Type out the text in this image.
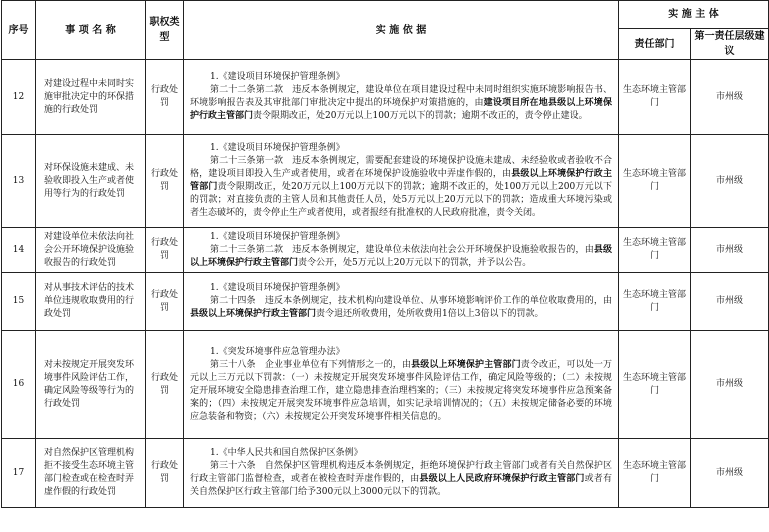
序号	事 项 名 称	职权类型	实 施 依 据	实 施 主 体	
				责任部门	第一责任层级建议
12	对建设过程中未同时实施审批决定中的环保措施的行政处罚	行政处罚	1.《建设项目环境保护管理条例》
第二十二条第二款　违反本条例规定，建设单位在项目建设过程中未同时组织实施环境影响报告书、环境影响报告表及其审批部门审批决定中提出的环境保护对策措施的，由建设项目所在地县级以上环境保护行政主管部门责令限期改正，处20万元以上100万元以下的罚款；逾期不改正的，责令停止建设。	生态环境主管部门	市州级
13	对环保设施未建成、未验收即投入生产或者使用等行为的行政处罚	行政处罚	1.《建设项目环境保护管理条例》
第二十三条第一款　违反本条例规定，需要配套建设的环境保护设施未建成、未经验收或者验收不合格，建设项目即投入生产或者使用，或者在环境保护设施验收中弄虚作假的，由县级以上环境保护行政主管部门责令限期改正，处20万元以上100万元以下的罚款；逾期不改正的，处100万元以上200万元以下的罚款；对直接负责的主管人员和其他责任人员，处5万元以上20万元以下的罚款；造成重大环境污染或者生态破坏的，责令停止生产或者使用，或者报经有批准权的人民政府批准，责令关闭。	生态环境主管部门	市州级
14	对建设单位未依法向社会公开环境保护设施验收报告的行政处罚	行政处罚	1.《建设项目环境保护管理条例》
第二十三条第二款　违反本条例规定，建设单位未依法向社会公开环境保护设施验收报告的，由县级以上环境保护行政主管部门责令公开，处5万元以上20万元以下的罚款，并予以公告。	生态环境主管部门	市州级
15	对从事技术评估的技术单位违规收取费用的行政处罚	行政处罚	1.《建设项目环境保护管理条例》
第二十四条　违反本条例规定，技术机构向建设单位、从事环境影响评价工作的单位收取费用的，由县级以上环境保护行政主管部门责令退还所收费用，处所收费用1倍以上3倍以下的罚款。	生态环境主管部门	市州级
16	对未按规定开展突发环境事件风险评估工作，确定风险等级等行为的行政处罚	行政处罚	1.《突发环境事件应急管理办法》
第三十八条　企业事业单位有下列情形之一的，由县级以上环境保护主管部门责令改正，可以处一万元以上三万元以下罚款：（一）未按规定开展突发环境事件风险评估工作，确定风险等级的；（二）未按规定开展环境安全隐患排查治理工作，建立隐患排查治理档案的；（三）未按规定将突发环境事件应急预案备案的；（四）未按规定开展突发环境事件应急培训，如实记录培训情况的；（五）未按规定储备必要的环境应急装备和物资；（六）未按规定公开突发环境事件相关信息的。	生态环境主管部门	市州级
17	对自然保护区管理机构拒不接受生态环境主管部门检查或在检查时弄虚作假的行政处罚	行政处罚	1.《中华人民共和国自然保护区条例》
第三十六条　自然保护区管理机构违反本条例规定，拒绝环境保护行政主管部门或者有关自然保护区行政主管部门监督检查，或者在被检查时弄虚作假的，由县级以上人民政府环境保护行政主管部门或者有关自然保护区行政主管部门给予300元以上3000元以下的罚款。	生态环境主管部门	市州级
